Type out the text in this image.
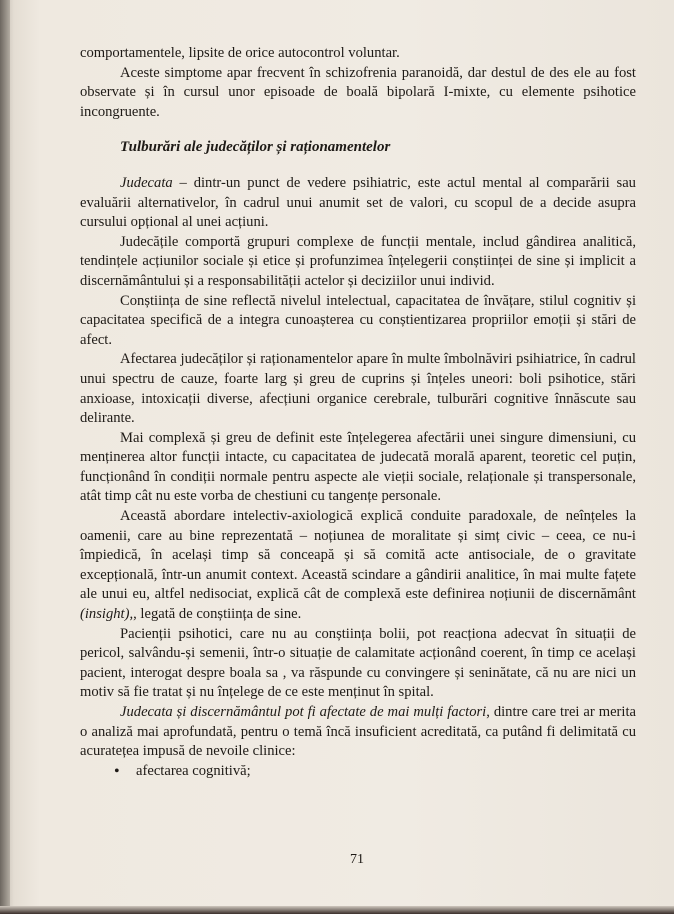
comportamentele, lipsite de orice autocontrol voluntar.

Aceste simptome apar frecvent în schizofrenia paranoidă, dar destul de des ele au fost observate și în cursul unor episoade de boală bipolară I-mixte, cu elemente psihotice incongruente.

Tulburări ale judecăților și raționamentelor

Judecata – dintr-un punct de vedere psihiatric, este actul mental al comparării sau evaluării alternativelor, în cadrul unui anumit set de valori, cu scopul de a decide asupra cursului opțional al unei acțiuni.

Judecățile comportă grupuri complexe de funcții mentale, includ gândirea analitică, tendințele acțiunilor sociale și etice și profunzimea înțelegerii conștiinței de sine și implicit a discernământului și a responsabilității actelor și deciziilor unui individ.

Conștiința de sine reflectă nivelul intelectual, capacitatea de învățare, stilul cognitiv și capacitatea specifică de a integra cunoașterea cu conștientizarea propriilor emoții și stări de afect.

Afectarea judecăților și raționamentelor apare în multe îmbolnăviri psihiatrice, în cadrul unui spectru de cauze, foarte larg și greu de cuprins și înțeles uneori: boli psihotice, stări anxioase, intoxicații diverse, afecțiuni organice cerebrale, tulburări cognitive înnăscute sau delirante.

Mai complexă și greu de definit este înțelegerea afectării unei singure dimensiuni, cu menținerea altor funcții intacte, cu capacitatea de judecată morală aparent, teoretic cel puțin, funcționând în condiții normale pentru aspecte ale vieții sociale, relaționale și transpersonale, atât timp cât nu este vorba de chestiuni cu tangențe personale.

Această abordare intelectiv-axiologică explică conduite paradoxale, de neînțeles la oamenii, care au bine reprezentată – noțiunea de moralitate și simț civic – ceea, ce nu-i împiedică, în același timp să conceapă și să comită acte antisociale, de o gravitate excepțională, într-un anumit context. Această scindare a gândirii analitice, în mai multe fațete ale unui eu, altfel nedisociat, explică cât de complexă este definirea noțiunii de discernământ (insight),, legată de conștiința de sine.

Pacienții psihotici, care nu au conștiința bolii, pot reacționa adecvat în situații de pericol, salvându-și semenii, într-o situație de calamitate acționând coerent, în timp ce același pacient, interogat despre boala sa , va răspunde cu convingere și seninătate, că nu are nici un motiv să fie tratat și nu înțelege de ce este menținut în spital.

Judecata și discernământul pot fi afectate de mai mulți factori, dintre care trei ar merita o analiză mai aprofundată, pentru o temă încă insuficient acreditată, ca putând fi delimitată cu acuratețea impusă de nevoile clinice:

• afectarea cognitivă;
71
